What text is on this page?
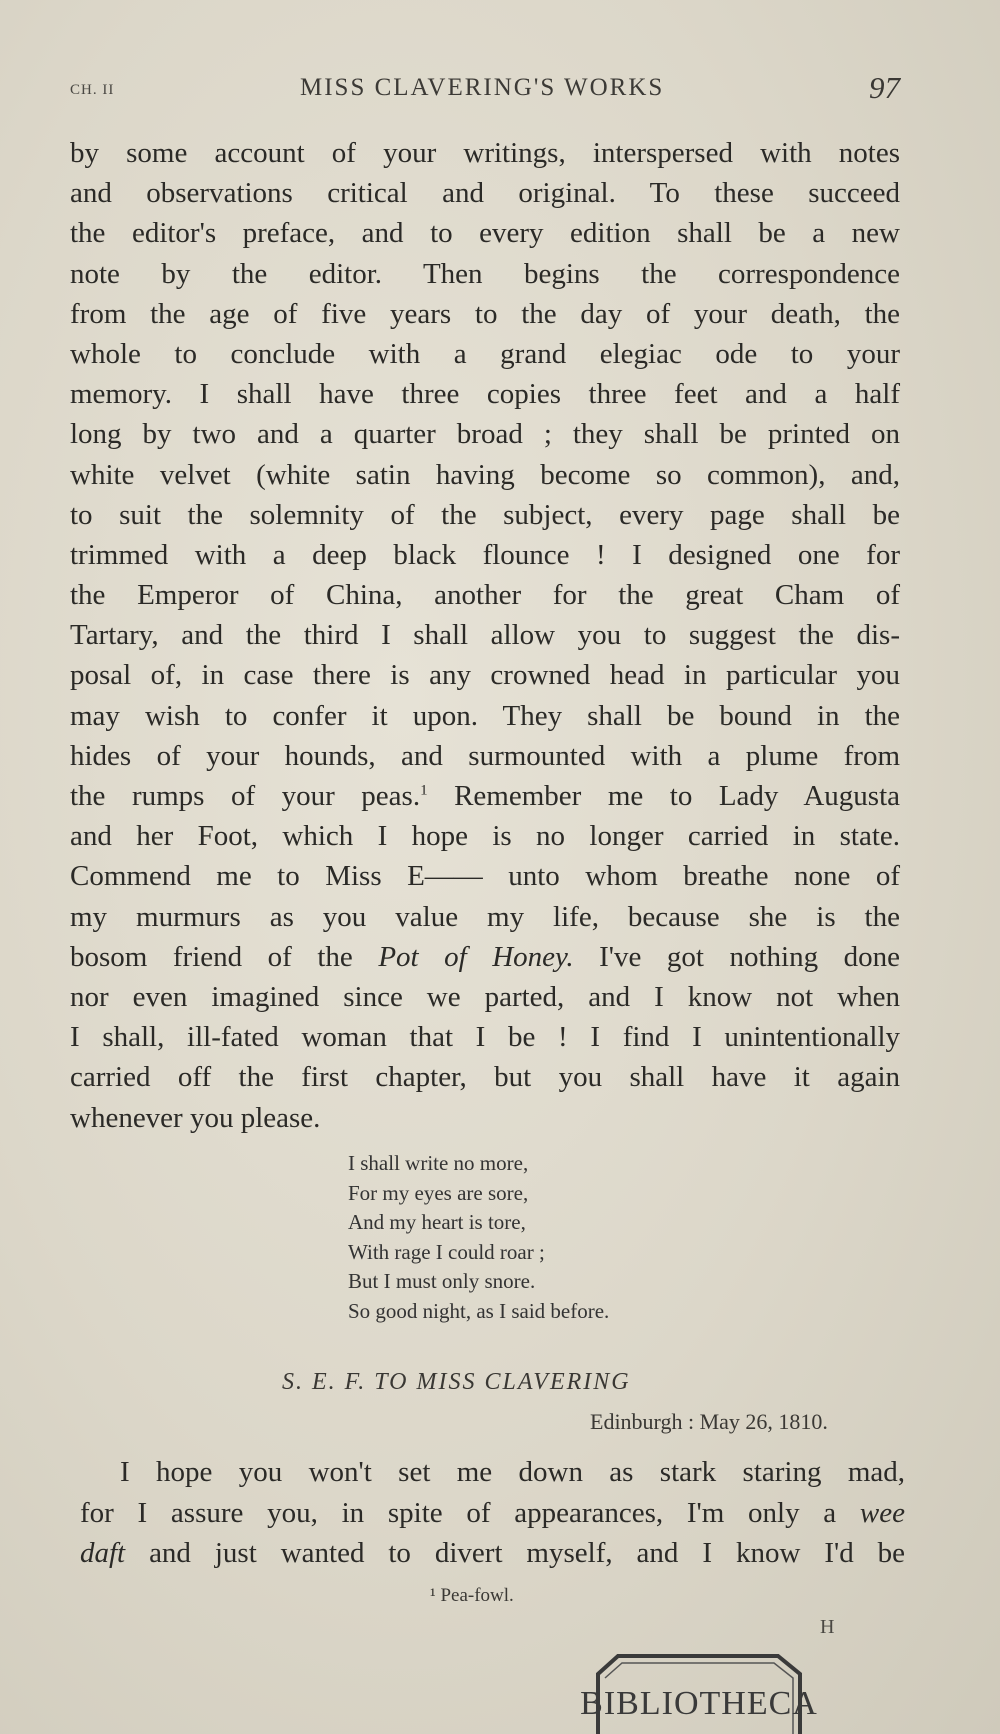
CH. II	MISS CLAVERING'S WORKS	97
by some account of your writings, interspersed with notes
and observations critical and original. To these succeed
the editor's preface, and to every edition shall be a new
note by the editor. Then begins the correspondence
from the age of five years to the day of your death, the
whole to conclude with a grand elegiac ode to your
memory. I shall have three copies three feet and a half
long by two and a quarter broad ; they shall be printed on
white velvet (white satin having become so common), and,
to suit the solemnity of the subject, every page shall be
trimmed with a deep black flounce ! I designed one for
the Emperor of China, another for the great Cham of
Tartary, and the third I shall allow you to suggest the dis-
posal of, in case there is any crowned head in particular you
may wish to confer it upon. They shall be bound in the
hides of your hounds, and surmounted with a plume from
the rumps of your peas.$^1$ Remember me to Lady Augusta
and her Foot, which I hope is no longer carried in state.
Commend me to Miss E—— unto whom breathe none of
my murmurs as you value my life, because she is the
bosom friend of the Pot of Honey. I've got nothing done
nor even imagined since we parted, and I know not when
I shall, ill-fated woman that I be ! I find I unintentionally
carried off the first chapter, but you shall have it again
whenever you please.
I shall write no more,
For my eyes are sore,
And my heart is tore,
With rage I could roar ;
But I must only snore.
So good night, as I said before.
S. E. F. TO MISS CLAVERING
Edinburgh : May 26, 1810.
I hope you won't set me down as stark staring mad,
for I assure you, in spite of appearances, I'm only a wee
daft and just wanted to divert myself, and I know I'd be
¹ Pea-fowl.
H
BIBLIOTHECA
